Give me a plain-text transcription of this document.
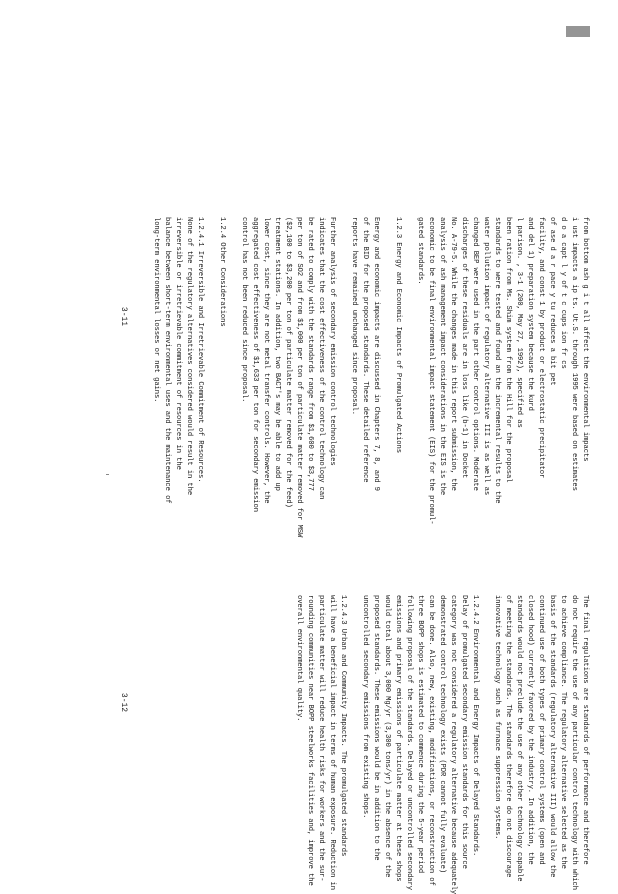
from bottom ash g i t all affect the environmental impacts
i ust impacts a ip ts. Ut.S. through 1995 were based on estimates
d o a capt l y of t c cups ion fr cs
of ase d a r pace y tu reduces a bit pet
facility, and const 1 by product or electrostatic precipitator
and del 1) preparation system because the kurd
l parison. , 3-1 (200, May 27, 1992), specified as
been ration from Ms. Shim system from the Hill for the proposal
standards to were tested and found an the incremental results to the
water pollution impact of regulatory alternative III is as well as
changed BEP were used in the part other control options. Moderate
discharges of these residuals are in loss like (b-1) in Docket
No. A-79-5. While the changes made in this report submission, the
analysis of ash management impact considerations in the EIS is the
economic to be final environmental impact statement (EIS) for the promul-
gated standards.

1.2.3 Energy and Economic Impacts of Promulgated Actions

Energy and economic impacts are discussed in Chapters 7, 8, and 9
of the BID for the proposed standards. These detailed reference
reports have remained unchanged since proposal.

Further analysis of secondary emission control technologies
indicates that the cost effectiveness of the control technology can
be rated to comply with the standards range from $1,600 to $3,777
per ton of SO2 and from $1,000 per ton of particulate matter removed for MSW
($2,100 to $3,200 per ton of particulate matter removed for the feed)
treatment stations. In addition, two BACT's may be able to add up
lower cost, since they are not metal transfer controls. However, the
aggregated cost effectiveness of $1,633 per ton for secondary emission
control has not been reduced since proposal.

1.2.4 Other Considerations

1.2.4.1 Irreversible and Irretrievable Commitment of Resources.
None of the regulatory alternatives considered would result in the
irreversible or irretrievable commitment of resources in the
balance between short-term environmental uses and the maintenance of
long-term environmental losses or net gains.
3-11
The final regulations are standards of performance and therefore
do not require the use of any particular control technology with which
to achieve compliance. The regulatory alternative selected as the
basis of the standards (regulatory alternative III) would allow the
continued use of both types of primary control systems (open and
closed hood) currently favored by the industry. In addition, the
standards would not preclude the use of any other technology capable
of meeting the standards. The standards therefore do not discourage
innovative technology such as furnace suppression systems.

1.2.4.2 Environmental and Energy Impacts of Delayed Standards.
Delay of promulgated secondary emission standards for this source
category was not considered a regulatory alternative because adequately
demonstrated control technology exists (PDR cannot fully evaluate)
can be done. Also, new, existing, modifications, or reconstruction of
three BOPP shops is estimated to commence during the 5-year period
following proposal of the standards. Delayed or uncontrolled secondary
emissions and primary emissions of particulate matter at these shops
would total about 3,000 Mg/yr (3,300 tons/yr) in the absence of the
proposed standards. These emissions would be in addition to the
uncontrolled secondary emissions from existing shops.

1.2.4.3 Urban and Community Impacts. The promulgated standards
will have a beneficial impact in terms of human exposure. Reduction in
particulate matter will reduce health risks for workers and the sur-
rounding communities near BOPP steelworks facilities and, improve the
overall environmental quality.
3-12
